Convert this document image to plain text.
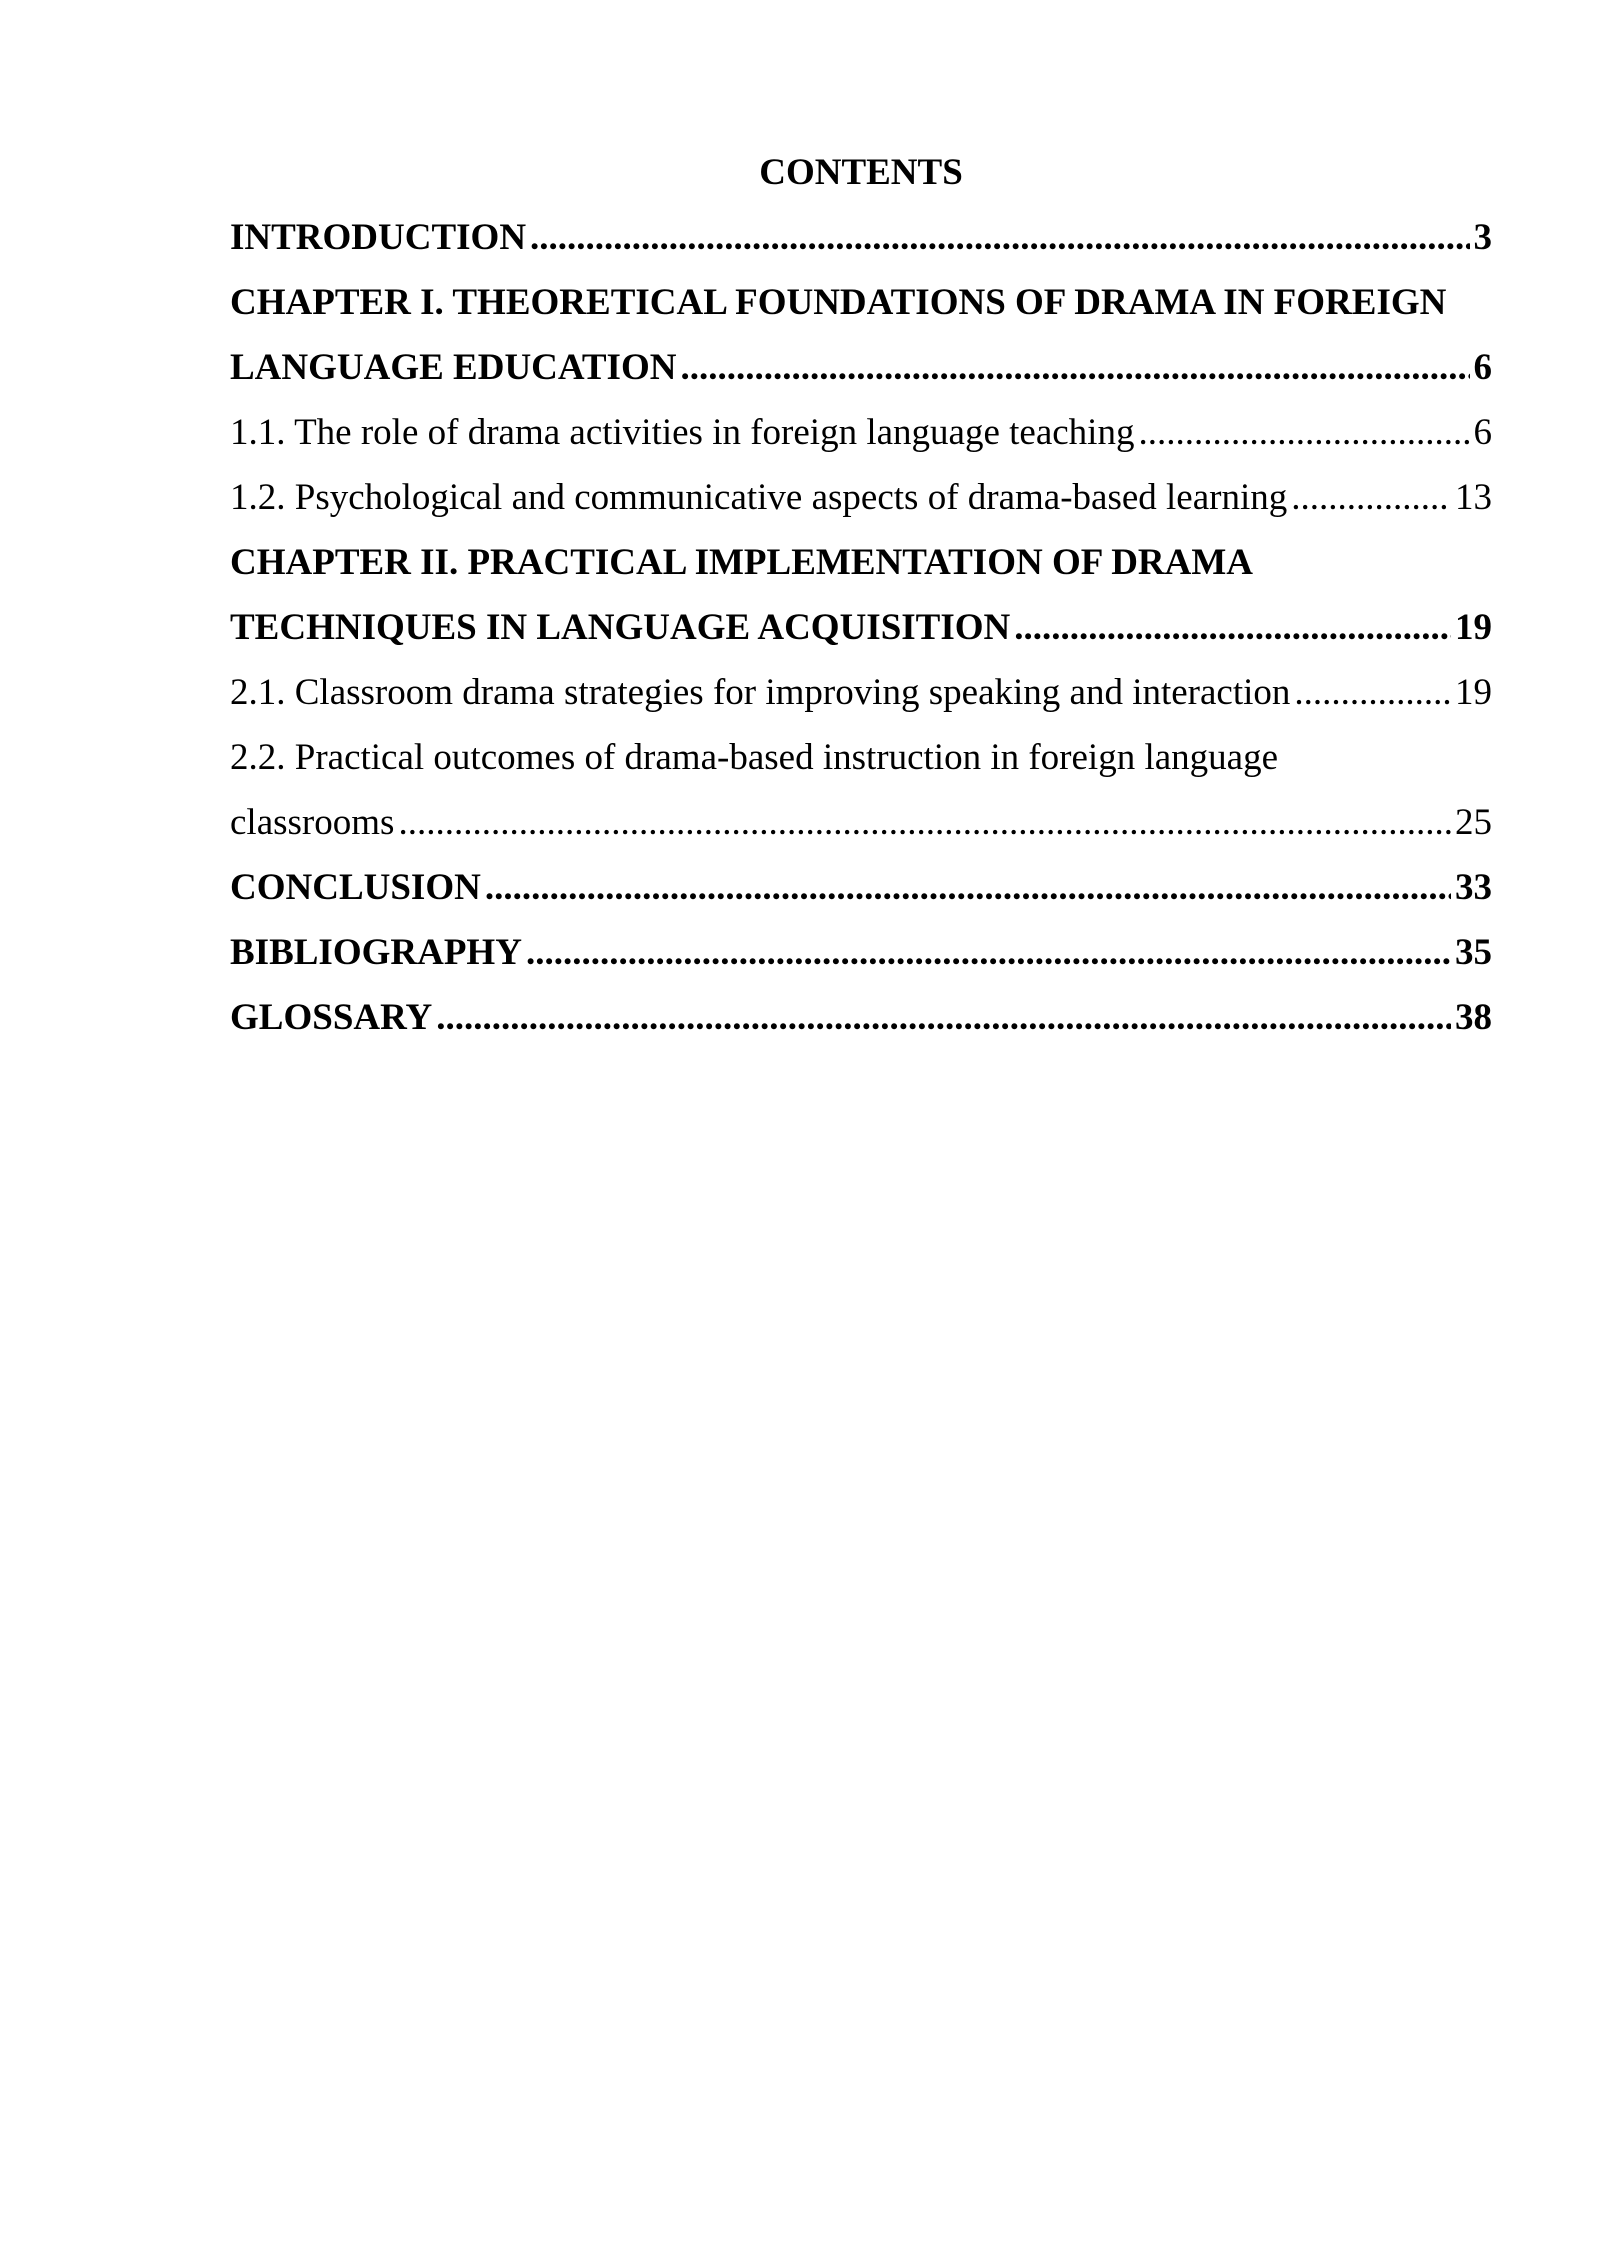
CONTENTS
INTRODUCTION .....	3
CHAPTER I. THEORETICAL FOUNDATIONS OF DRAMA IN FOREIGN
LANGUAGE EDUCATION .....	6
1.1. The role of drama activities in foreign language teaching .....	6
1.2. Psychological and communicative aspects of drama-based learning .....	13
CHAPTER II. PRACTICAL IMPLEMENTATION OF DRAMA
TECHNIQUES IN LANGUAGE ACQUISITION .....	19
2.1. Classroom drama strategies for improving speaking and interaction .....	19
2.2. Practical outcomes of drama-based instruction in foreign language
classrooms .....	25
CONCLUSION .....	33
BIBLIOGRAPHY .....	35
GLOSSARY .....	38
